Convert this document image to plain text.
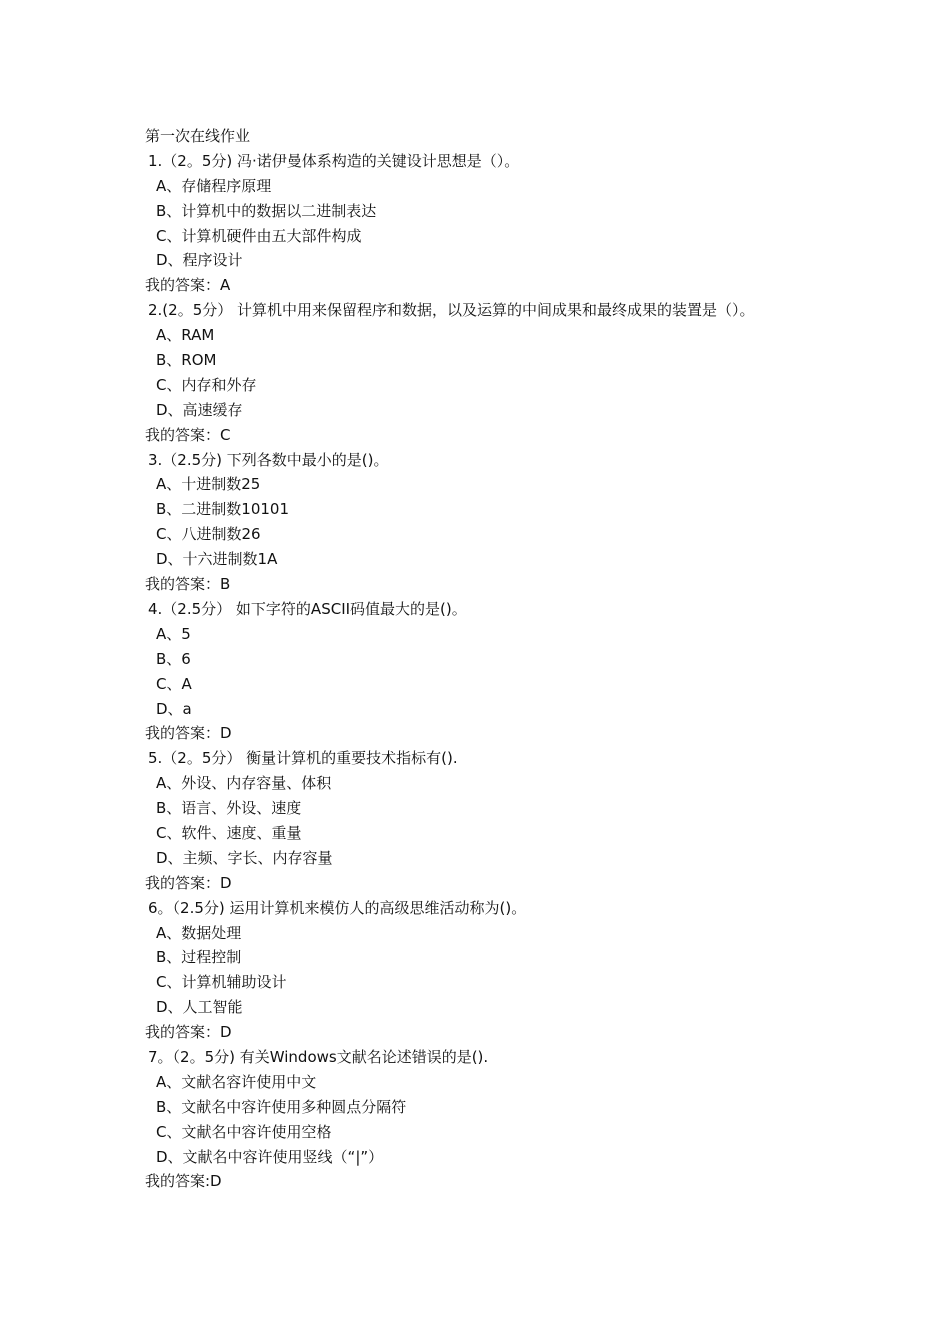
第一次在线作业
1.（2。5分) 冯·诺伊曼体系构造的关键设计思想是（）。
A、存储程序原理
B、计算机中的数据以二进制表达
C、计算机硬件由五大部件构成
D、程序设计
我的答案：A
2.(2。5分） 计算机中用来保留程序和数据，以及运算的中间成果和最终成果的装置是（）。
A、RAM
B、ROM
C、内存和外存
D、高速缓存
我的答案：C
3.（2.5分) 下列各数中最小的是()。
A、十进制数25
B、二进制数10101
C、八进制数26
D、十六进制数1A
我的答案：B
4.（2.5分） 如下字符的ASCII码值最大的是()。
A、5
B、6
C、A
D、a
我的答案：D
5.（2。5分） 衡量计算机的重要技术指标有().
A、外设、内存容量、体积
B、语言、外设、速度
C、软件、速度、重量
D、主频、字长、内存容量
我的答案：D
6。（2.5分) 运用计算机来模仿人的高级思维活动称为()。
A、数据处理
B、过程控制
C、计算机辅助设计
D、人工智能
我的答案：D
7。（2。5分) 有关Windows文献名论述错误的是().
A、文献名容许使用中文
B、文献名中容许使用多种圆点分隔符
C、文献名中容许使用空格
D、文献名中容许使用竖线（“|”）
我的答案:D
